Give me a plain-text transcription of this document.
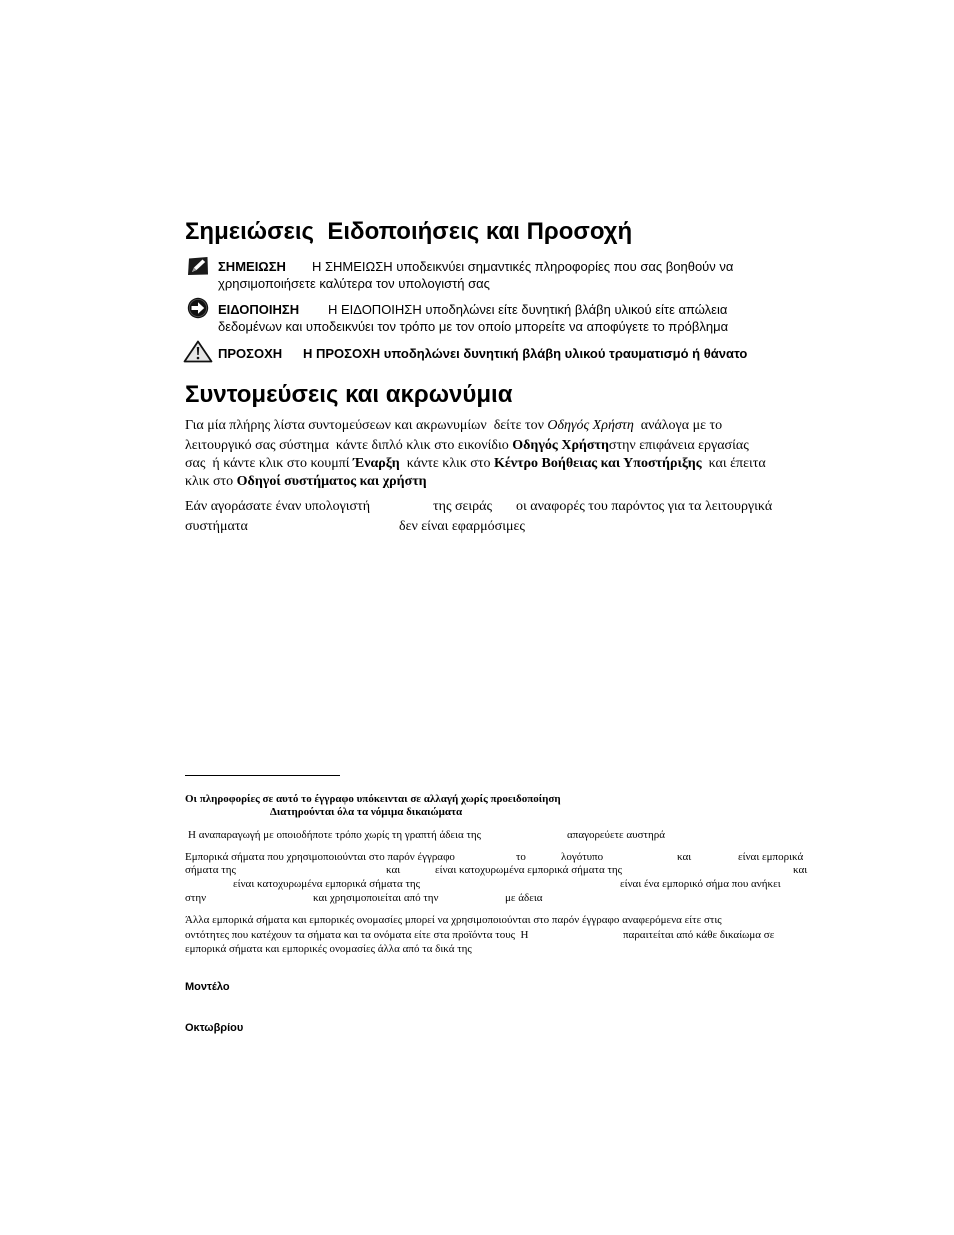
Σημειώσεις  Ειδοποιήσεις και Προσοχή
ΣΗΜΕΙΩΣΗ Η ΣΗΜΕΙΩΣΗ υποδεικνύει σημαντικές πληροφορίες που σας βοηθούν να
χρησιμοποιήσετε καλύτερα τον υπολογιστή σας
ΕΙΔΟΠΟΙΗΣΗ Η ΕΙΔΟΠΟΙΗΣΗ υποδηλώνει είτε δυνητική βλάβη υλικού είτε απώλεια
δεδομένων και υποδεικνύει τον τρόπο με τον οποίο μπορείτε να αποφύγετε το πρόβλημα
ΠΡΟΣΟΧΗ Η ΠΡΟΣΟΧΗ υποδηλώνει δυνητική βλάβη υλικού τραυματισμό ή θάνατο
Συντομεύσεις και ακρωνύμια
Για μία πλήρης λίστα συντομεύσεων και ακρωνυμίων  δείτε τον Οδηγός Χρήστη  ανάλογα με το
λειτουργικό σας σύστημα  κάντε διπλό κλικ στο εικονίδιο Οδηγός Χρήστηστην επιφάνεια εργασίας
σας  ή κάντε κλικ στο κουμπί Έναρξη  κάντε κλικ στο Κέντρο Βοήθειας και Υποστήριξης  και έπειτα
κλικ στο Οδηγοί συστήματος και χρήστη
Εάν αγοράσατε έναν υπολογιστή	της σειράς οι αναφορές του παρόντος για τα λειτουργικά
συστήματα	δεν είναι εφαρμόσιμες
Οι πληροφορίες σε αυτό το έγγραφο υπόκεινται σε αλλαγή χωρίς προειδοποίηση
Διατηρούνται όλα τα νόμιμα δικαιώματα
Η αναπαραγωγή με οποιοδήποτε τρόπο χωρίς τη γραπτή άδεια της	απαγορεύετε αυστηρά
Εμπορικά σήματα που χρησιμοποιούνται στο παρόν έγγραφο	το	λογότυπο	και	είναι εμπορικά
σήματα της	και	είναι κατοχυρωμένα εμπορικά σήματα της	και
είναι κατοχυρωμένα εμπορικά σήματα της	είναι ένα εμπορικό σήμα που ανήκει
στην	και χρησιμοποιείται από την	με άδεια
Άλλα εμπορικά σήματα και εμπορικές ονομασίες μπορεί να χρησιμοποιούνται στο παρόν έγγραφο αναφερόμενα είτε στις
οντότητες που κατέχουν τα σήματα και τα ονόματα είτε στα προϊόντα τους  Η	παραιτείται από κάθε δικαίωμα σε
εμπορικά σήματα και εμπορικές ονομασίες άλλα από τα δικά της
Μοντέλο
Οκτωβρίου
